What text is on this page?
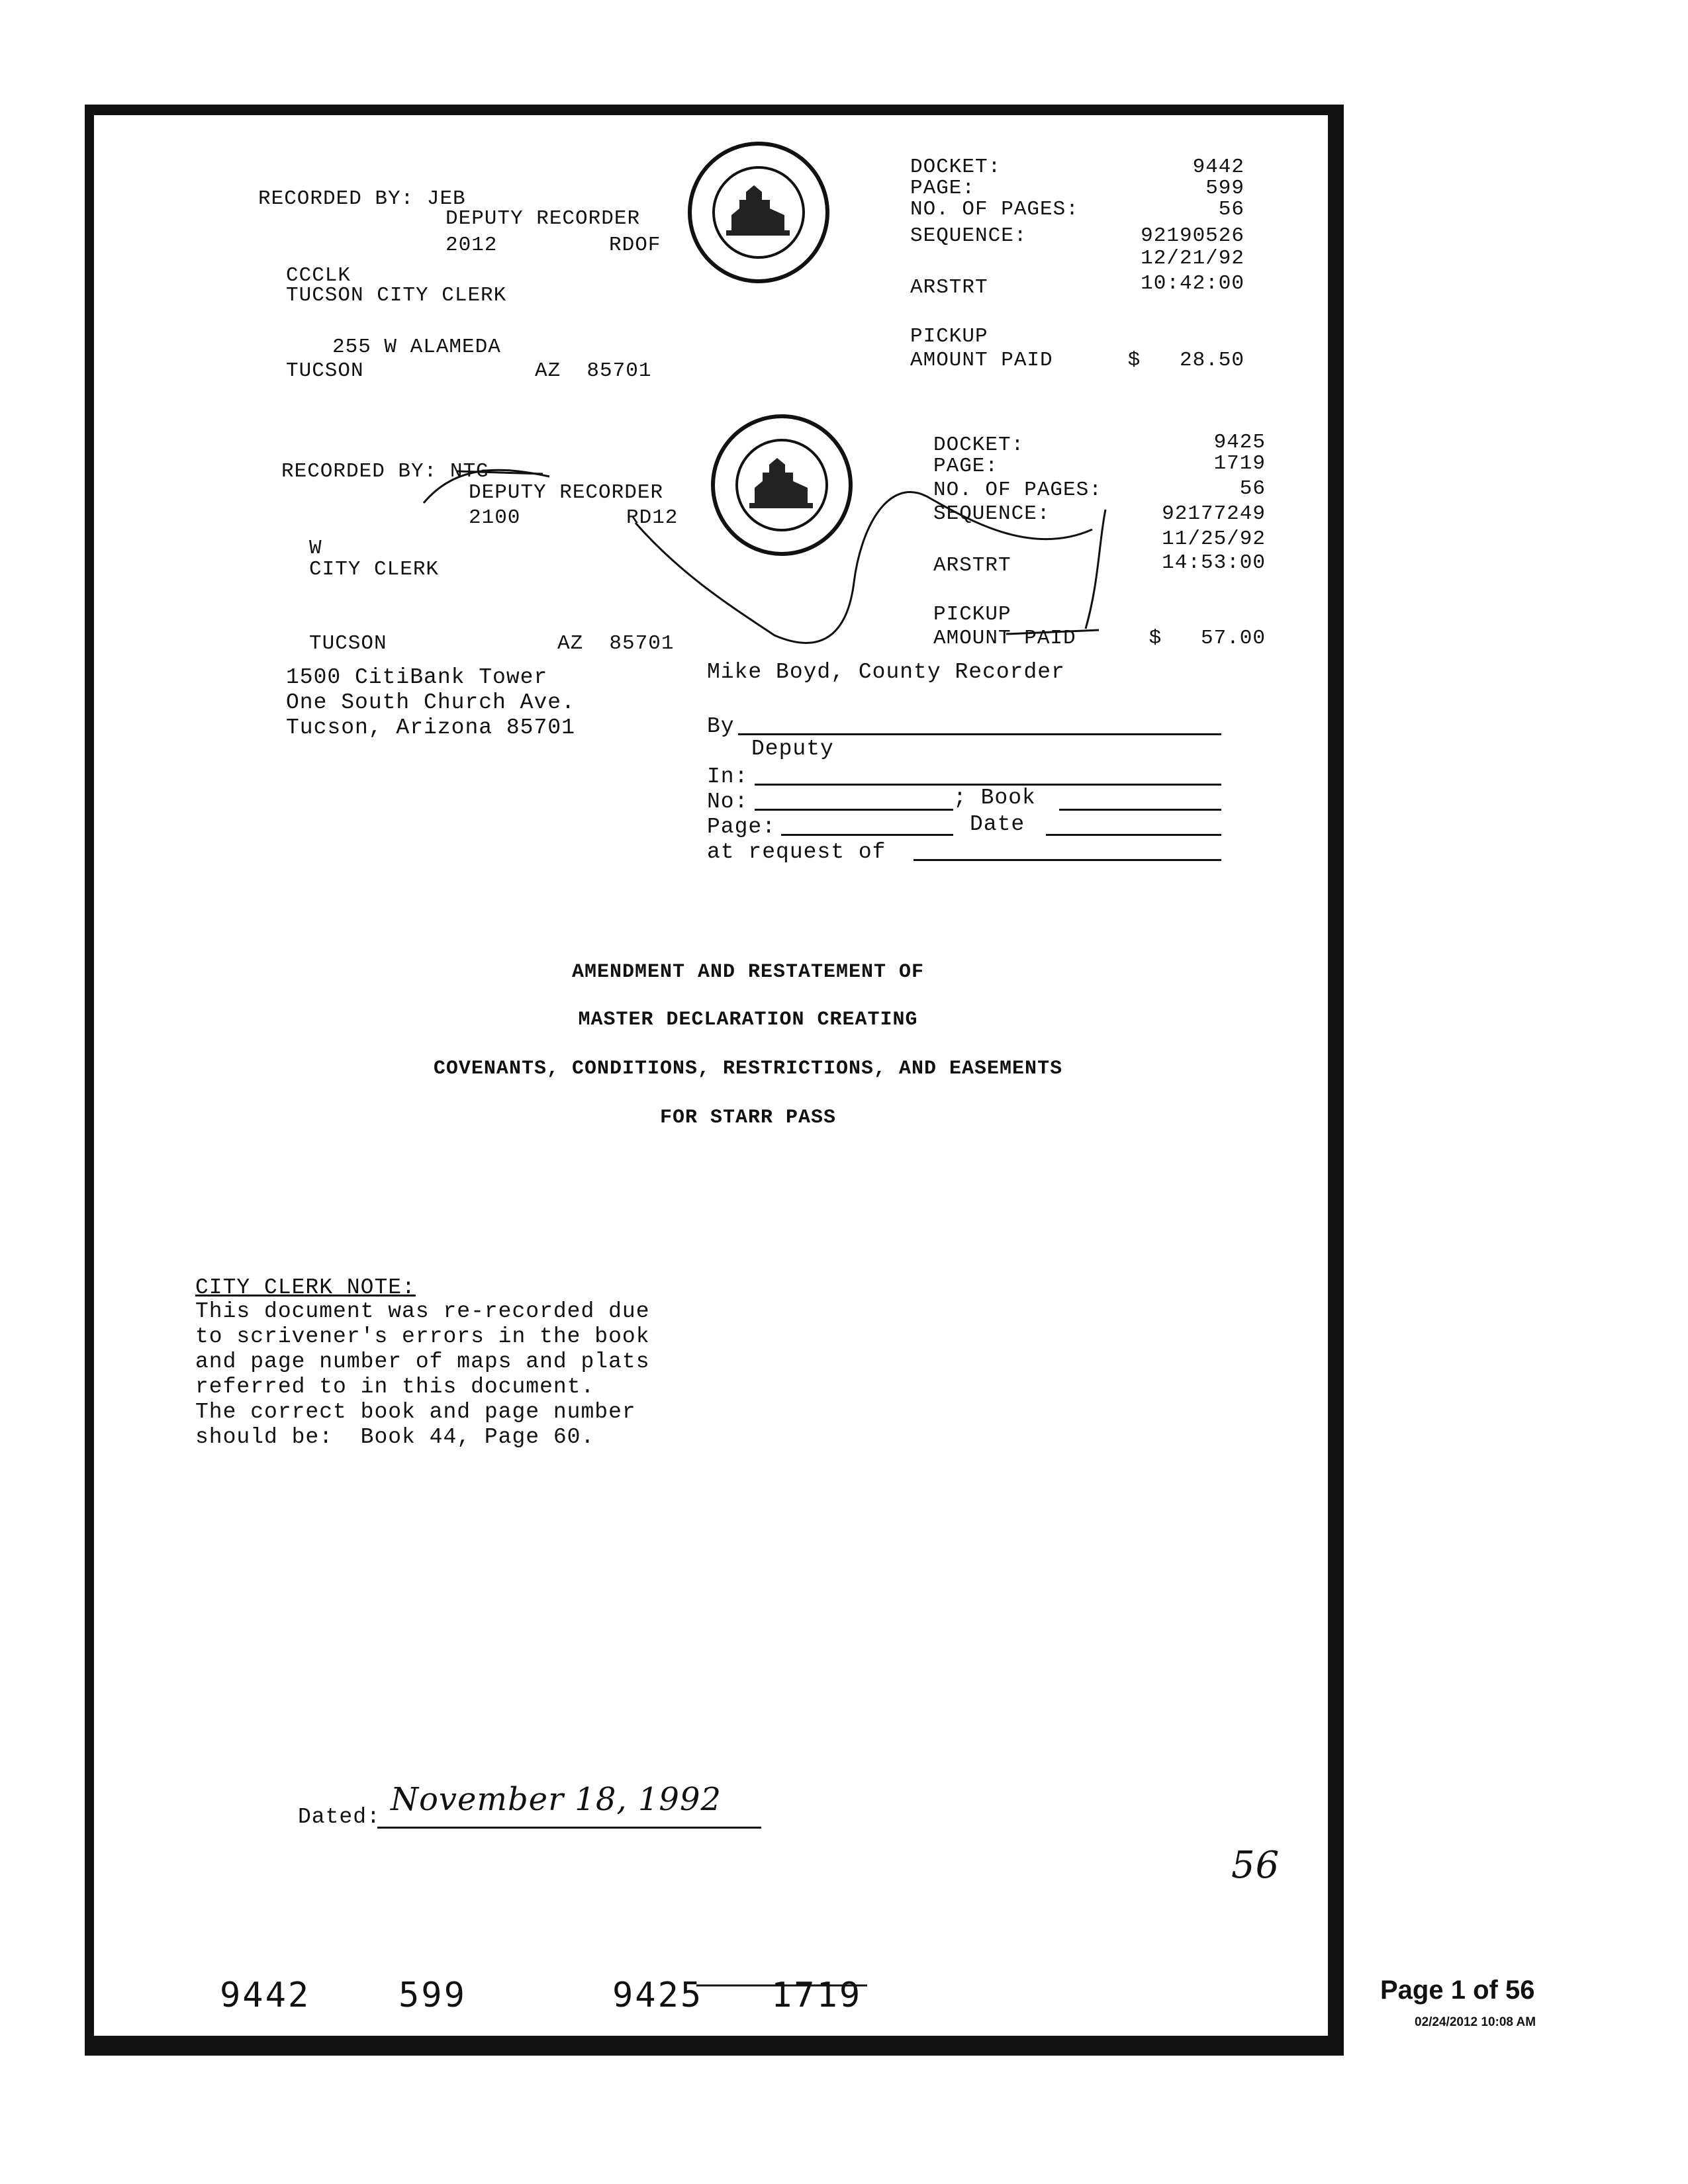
RECORDED BY: JEB
DEPUTY RECORDER
2012	RDOF
CCCLK
TUCSON CITY CLERK
255 W ALAMEDA
TUCSON	AZ  85701
DOCKET:	9442
PAGE:	599
NO. OF PAGES:	56
SEQUENCE:	92190526
12/21/92
ARSTRT	10:42:00
PICKUP
AMOUNT PAID	$   28.50
RECORDED BY: NTG
DEPUTY RECORDER
2100	RD12
W
CITY CLERK
TUCSON	AZ  85701
DOCKET:	9425
PAGE:	1719
NO. OF PAGES:	56
SEQUENCE:	92177249
11/25/92
ARSTRT	14:53:00
PICKUP
AMOUNT PAID	$   57.00
1500 CitiBank Tower
One South Church Ave.
Tucson, Arizona 85701
Mike Boyd, County Recorder
By
Deputy
In:
No:	; Book
Page:	Date
at request of
AMENDMENT AND RESTATEMENT OF
MASTER DECLARATION CREATING
COVENANTS, CONDITIONS, RESTRICTIONS, AND EASEMENTS
FOR STARR PASS
CITY CLERK NOTE:
This document was re-recorded due
to scrivener's errors in the book
and page number of maps and plats
referred to in this document.
The correct book and page number
should be:  Book 44, Page 60.
Dated: November 18, 1992
56
9442	599	9425 1719	Page 1 of 56
02/24/2012 10:08 AM
